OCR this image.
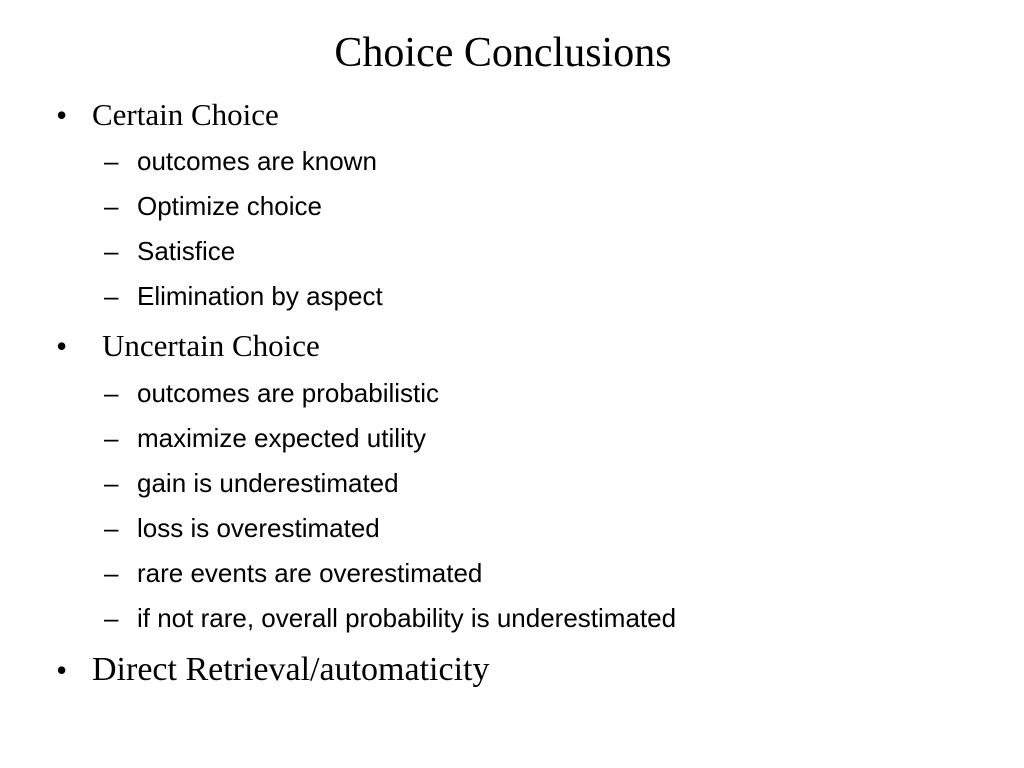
Choice Conclusions
• Certain Choice
– outcomes are known
– Optimize choice
– Satisfice
– Elimination by aspect
• Uncertain Choice
– outcomes are probabilistic
– maximize expected utility
– gain is underestimated
– loss is overestimated
– rare events are overestimated
– if not rare, overall probability is underestimated
• Direct Retrieval/automaticity
